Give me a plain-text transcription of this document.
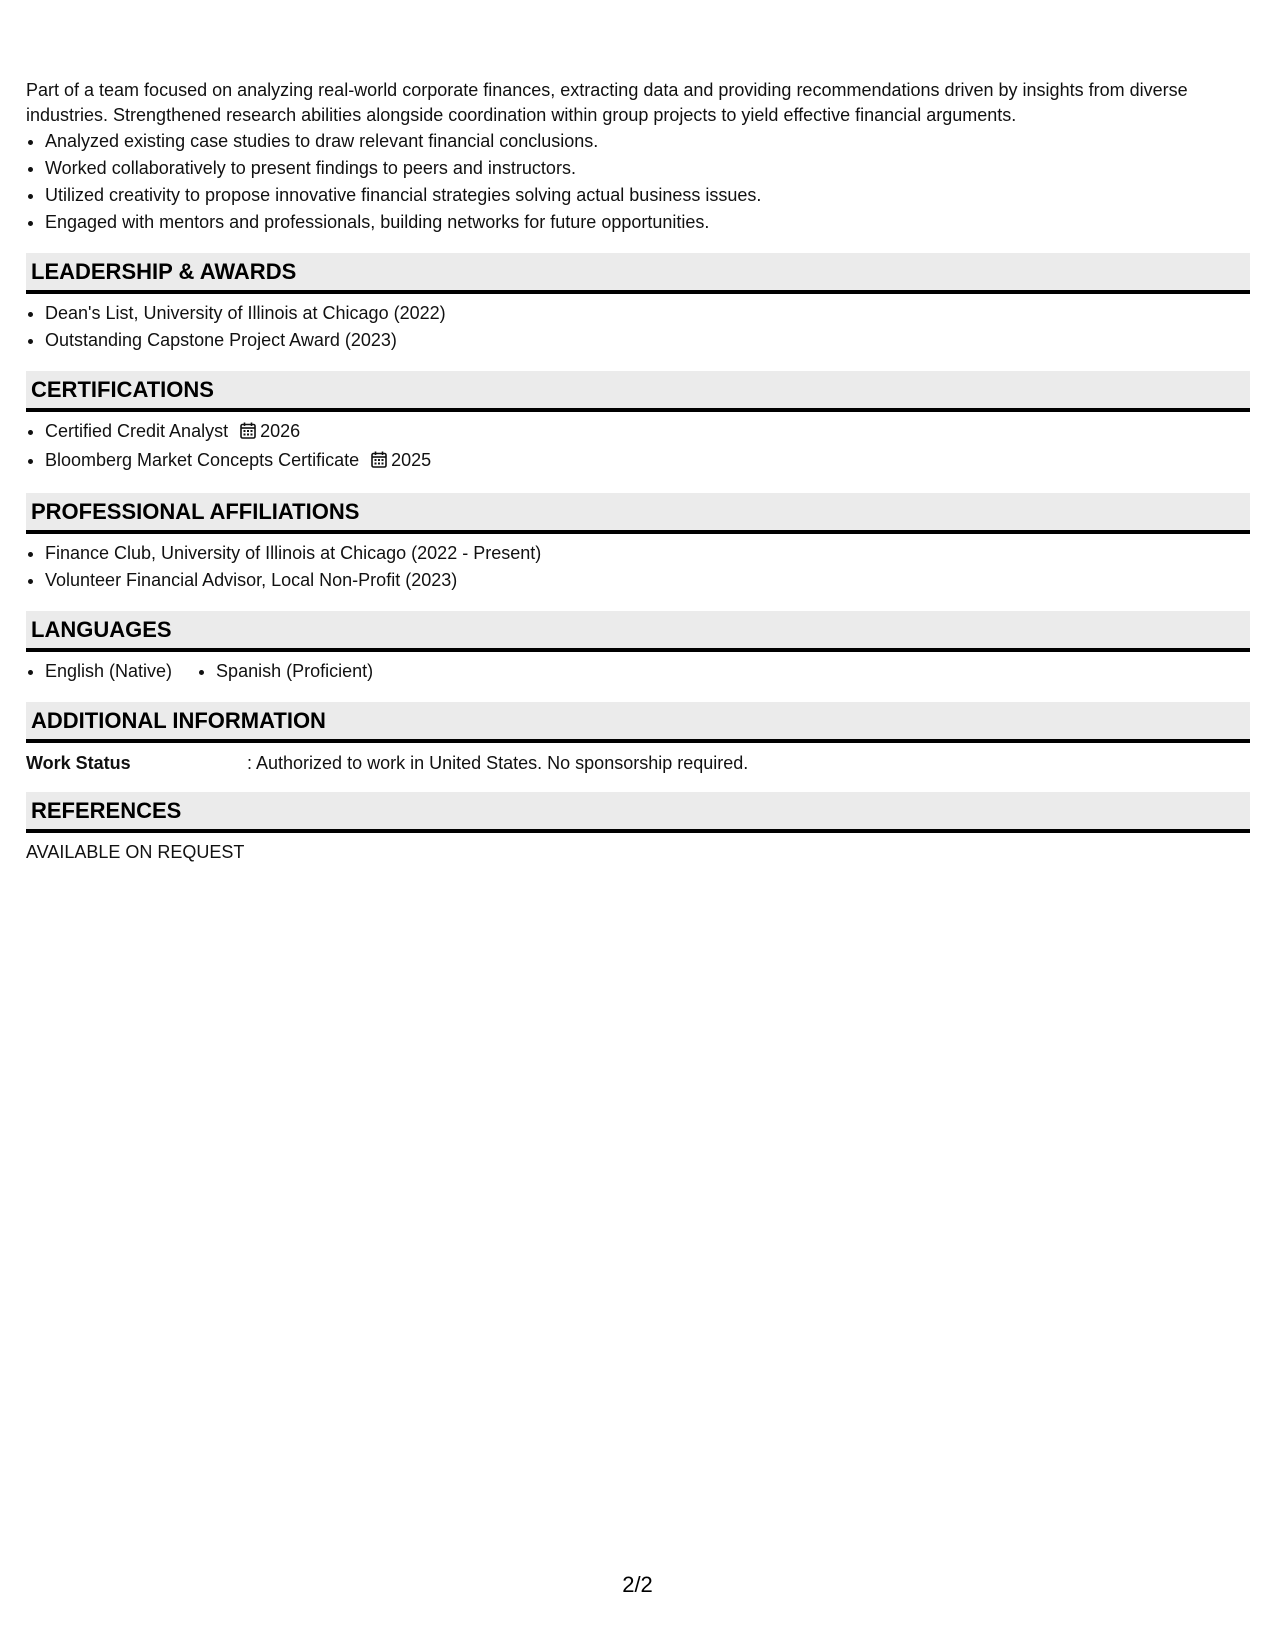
Part of a team focused on analyzing real-world corporate finances, extracting data and providing recommendations driven by insights from diverse industries. Strengthened research abilities alongside coordination within group projects to yield effective financial arguments.

• Analyzed existing case studies to draw relevant financial conclusions.
• Worked collaboratively to present findings to peers and instructors.
• Utilized creativity to propose innovative financial strategies solving actual business issues.
• Engaged with mentors and professionals, building networks for future opportunities.
LEADERSHIP & AWARDS
• Dean's List, University of Illinois at Chicago (2022)
• Outstanding Capstone Project Award (2023)
CERTIFICATIONS
• Certified Credit Analyst 2026
• Bloomberg Market Concepts Certificate 2025
PROFESSIONAL AFFILIATIONS
• Finance Club, University of Illinois at Chicago (2022 - Present)
• Volunteer Financial Advisor, Local Non-Profit (2023)
LANGUAGES
• English (Native)
• Spanish (Proficient)
ADDITIONAL INFORMATION
Work Status	: Authorized to work in United States. No sponsorship required.
REFERENCES
AVAILABLE ON REQUEST
2/2
